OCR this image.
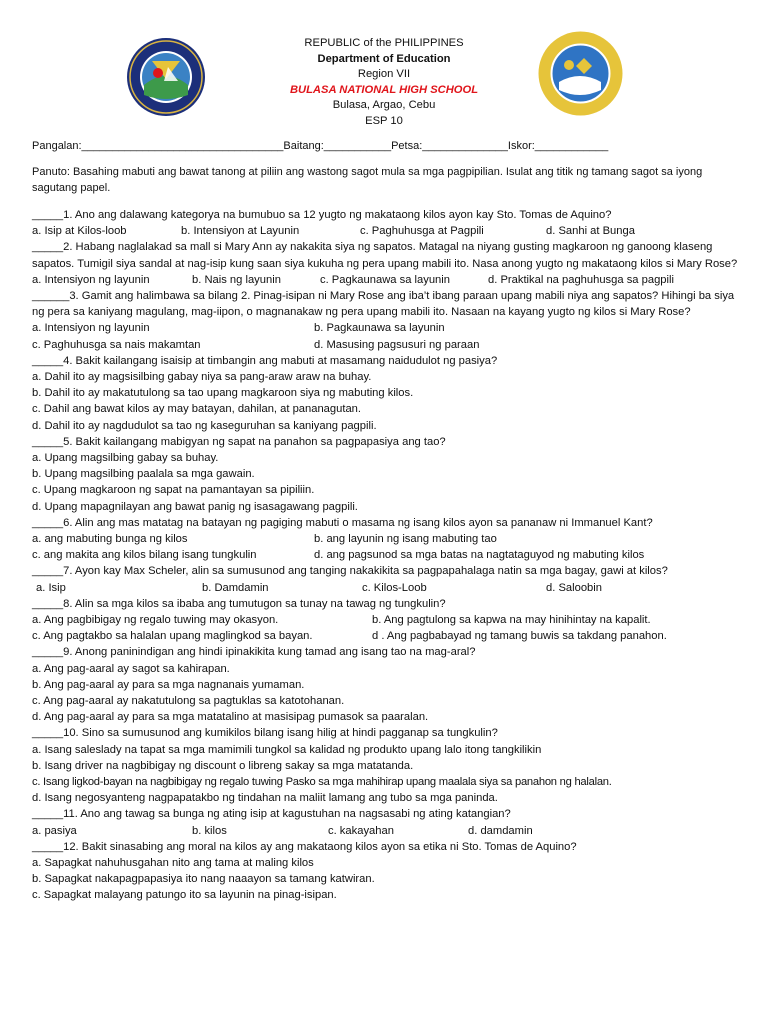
REPUBLIC of the PHILIPPINES
Department of Education
Region VII
BULASA NATIONAL HIGH SCHOOL
Bulasa, Argao, Cebu
ESP 10
Pangalan:_________________________________Baitang:___________Petsa:______________Iskor:____________
Panuto: Basahing mabuti ang bawat tanong at piliin ang wastong sagot mula sa mga pagpipilian. Isulat ang titik ng tamang sagot sa iyong sagutang papel.

_____1. Ano ang dalawang kategorya na bumubuo sa 12 yugto ng makataong kilos ayon kay Sto. Tomas de Aquino?

a. Isip at Kilos-loob	b. Intensiyon at Layunin	c. Paghuhusga at Pagpili	d. Sanhi at Bunga

_____2. Habang naglalakad sa mall si Mary Ann ay nakakita siya ng sapatos. Matagal na niyang gusting magkaroon ng ganoong klaseng sapatos. Tumigil siya sandal at nag-isip kung saan siya kukuha ng pera upang mabili ito. Nasa anong yugto ng makataong kilos si Mary Rose?

a. Intensiyon ng layunin	b. Nais ng layunin	c. Pagkaunawa sa layunin	d. Praktikal na paghuhusga sa pagpili

______3. Gamit ang halimbawa sa bilang 2. Pinag-isipan ni Mary Rose ang iba’t ibang paraan upang mabili niya ang sapatos? Hihingi ba siya ng pera sa kaniyang magulang, mag-iipon, o magnanakaw ng pera upang mabili ito. Nasaan na kayang yugto ng kilos si Mary Rose?

a. Intensiyon ng layunin	b. Pagkaunawa sa layunin
c. Paghuhusga sa nais makamtan	d. Masusing pagsusuri ng paraan

_____4. Bakit kailangang isaisip at timbangin ang mabuti at masamang naidudulot ng pasiya?

a. Dahil ito ay magsisilbing gabay niya sa pang-araw araw na buhay.

b. Dahil ito ay makatutulong sa tao upang magkaroon siya ng mabuting kilos.

c. Dahil ang bawat kilos ay may batayan, dahilan, at pananagutan.

d. Dahil ito ay nagdudulot sa tao ng kaseguruhan sa kaniyang pagpili.

_____5. Bakit kailangang mabigyan ng sapat na panahon sa pagpapasiya ang tao?

a. Upang magsilbing gabay sa buhay.

b. Upang magsilbing paalala sa mga gawain.

c. Upang magkaroon ng sapat na pamantayan sa pipiliin.

d. Upang mapagnilayan ang bawat panig ng isasagawang pagpili.

_____6. Alin ang mas matatag na batayan ng pagiging mabuti o masama ng isang kilos ayon sa pananaw ni Immanuel Kant?

a. ang mabuting bunga ng kilos	b. ang layunin ng isang mabuting tao
c. ang makita ang kilos bilang isang tungkulin	d. ang pagsunod sa mga batas na nagtataguyod ng mabuting kilos

_____7. Ayon kay Max Scheler, alin sa sumusunod ang tanging nakakikita sa pagpapahalaga natin sa mga bagay, gawi at kilos?

a. Isip	b. Damdamin	c. Kilos-Loob	d. Saloobin

_____8. Alin sa mga kilos sa ibaba ang tumutugon sa tunay na tawag ng tungkulin?

a. Ang pagbibigay ng regalo tuwing may okasyon.	b. Ang pagtulong sa kapwa na may hinihintay na kapalit.
c. Ang pagtakbo sa halalan upang maglingkod sa bayan.	d . Ang pagbabayad ng tamang buwis sa takdang panahon.

_____9. Anong paninindigan ang hindi ipinakikita kung tamad ang isang tao na mag-aral?

a. Ang pag-aaral ay sagot sa kahirapan.

b. Ang pag-aaral ay para sa mga nagnanais yumaman.

c. Ang pag-aaral ay nakatutulong sa pagtuklas sa katotohanan.

d. Ang pag-aaral ay para sa mga matatalino at masisipag pumasok sa paaralan.

_____10. Sino sa sumusunod ang kumikilos bilang isang hilig at hindi pagganap sa tungkulin?

a. Isang saleslady na tapat sa mga mamimili tungkol sa kalidad ng produkto upang lalo itong tangkilikin

b. Isang driver na nagbibigay ng discount o libreng sakay sa mga matatanda.

c. Isang ligkod-bayan na nagbibigay ng regalo tuwing Pasko sa mga mahihirap upang maalala siya sa panahon ng halalan.

d. Isang negosyanteng nagpapatakbo ng tindahan na maliit lamang ang tubo sa mga paninda.

_____11. Ano ang tawag sa bunga ng ating isip at kagustuhan na nagsasabi ng ating katangian?

a. pasiya	b. kilos	c. kakayahan	d. damdamin

_____12. Bakit sinasabing ang moral na kilos ay ang makataong kilos ayon sa etika ni Sto. Tomas de Aquino?

a. Sapagkat nahuhusgahan nito ang tama at maling kilos

b. Sapagkat nakapagpapasiya ito nang naaayon sa tamang katwiran.

c. Sapagkat malayang patungo ito sa layunin na pinag-isipan.
